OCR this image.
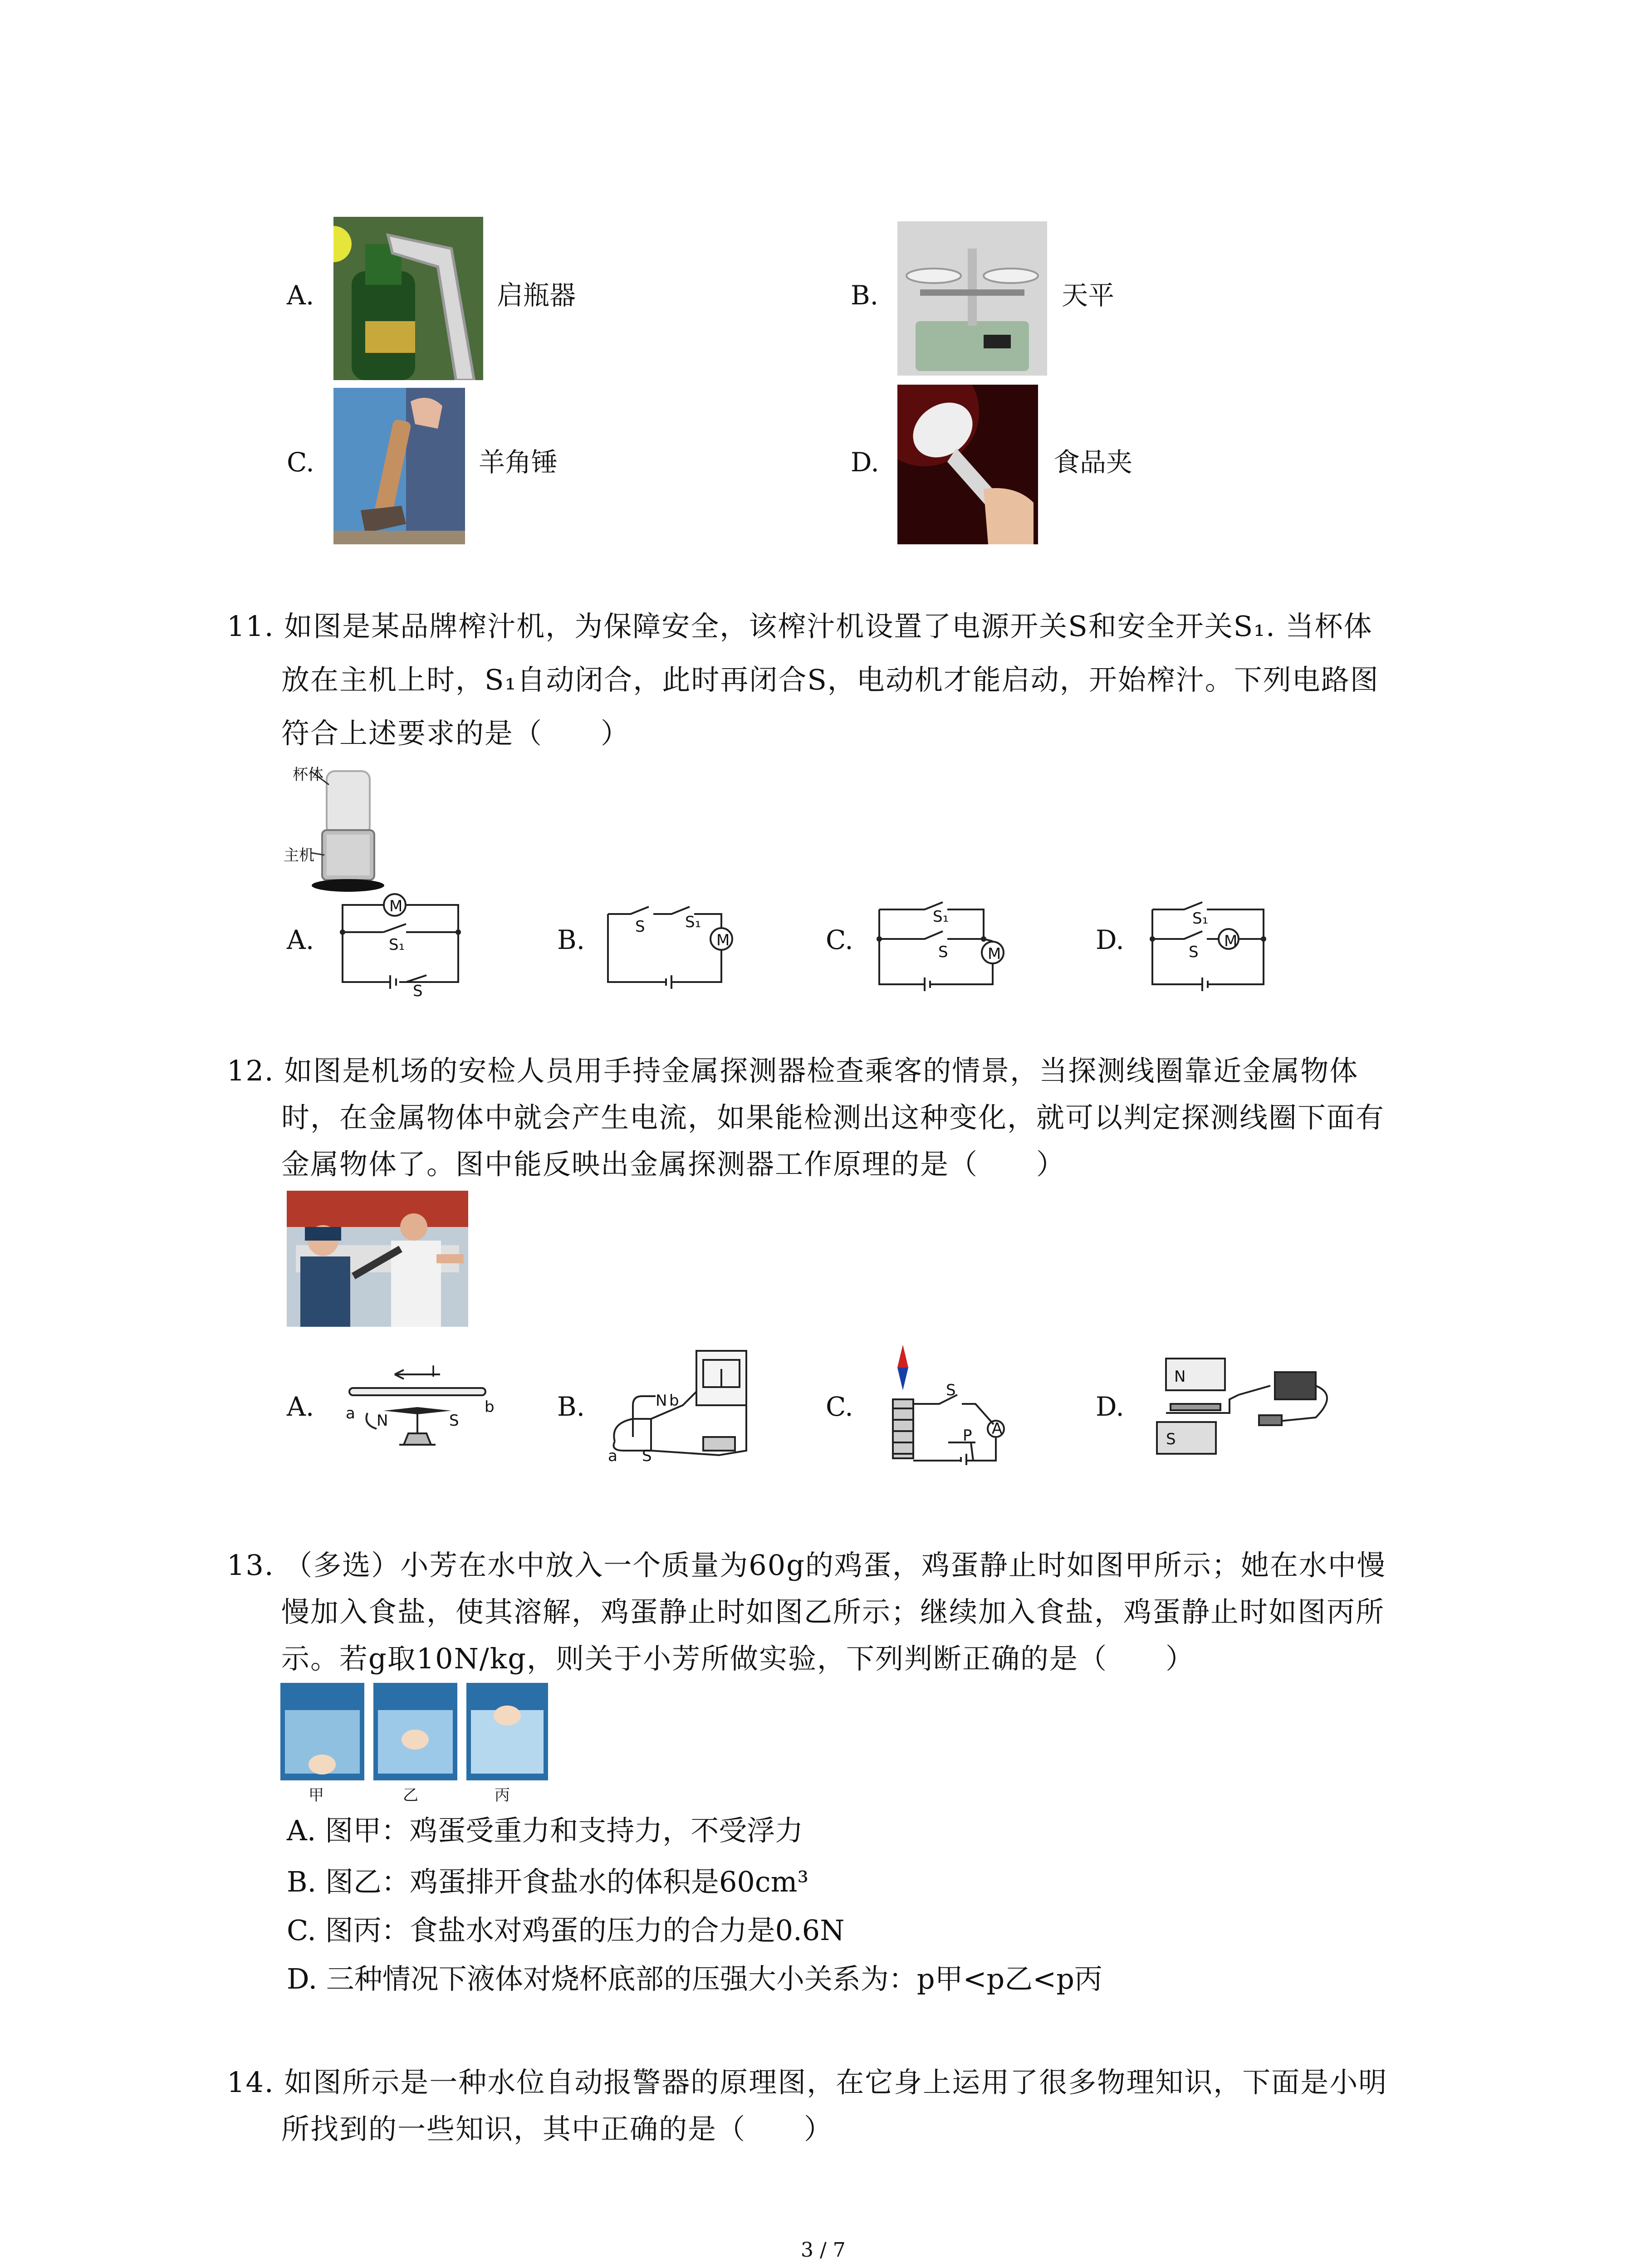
A.	启瓶器	B.	天平
C.	羊角锤	D.	食品夹
11. 如图是某品牌榨汁机，为保障安全，该榨汁机设置了电源开关S和安全开关S₁. 当杯体
放在主机上时，S₁自动闭合，此时再闭合S，电动机才能启动，开始榨汁。下列电路图
符合上述要求的是（　　）
杯体
主机
A.
M
S₁
S
B.	S	S₁
M	C.
S₁
S	M	D.
S₁
S
M
12. 如图是机场的安检人员用手持金属探测器检查乘客的情景，当探测线圈靠近金属物体
时，在金属物体中就会产生电流，如果能检测出这种变化，就可以判定探测线圈下面有
金属物体了。图中能反映出金属探测器工作原理的是（　　）
A.
I
a	b
N	S	B.	N b
a S
C.
S
P A
D.
N
S
13. （多选）小芳在水中放入一个质量为60g的鸡蛋，鸡蛋静止时如图甲所示；她在水中慢
慢加入食盐，使其溶解，鸡蛋静止时如图乙所示；继续加入食盐，鸡蛋静止时如图丙所
示。若g取10N/kg，则关于小芳所做实验，下列判断正确的是（　　）
甲	乙	丙
A. 图甲：鸡蛋受重力和支持力，不受浮力
B. 图乙：鸡蛋排开食盐水的体积是60cm³
C. 图丙：食盐水对鸡蛋的压力的合力是0.6N
D. 三种情况下液体对烧杯底部的压强大小关系为：p甲<p乙<p丙
14. 如图所示是一种水位自动报警器的原理图，在它身上运用了很多物理知识，下面是小明
所找到的一些知识，其中正确的是（　　）
3 / 7
